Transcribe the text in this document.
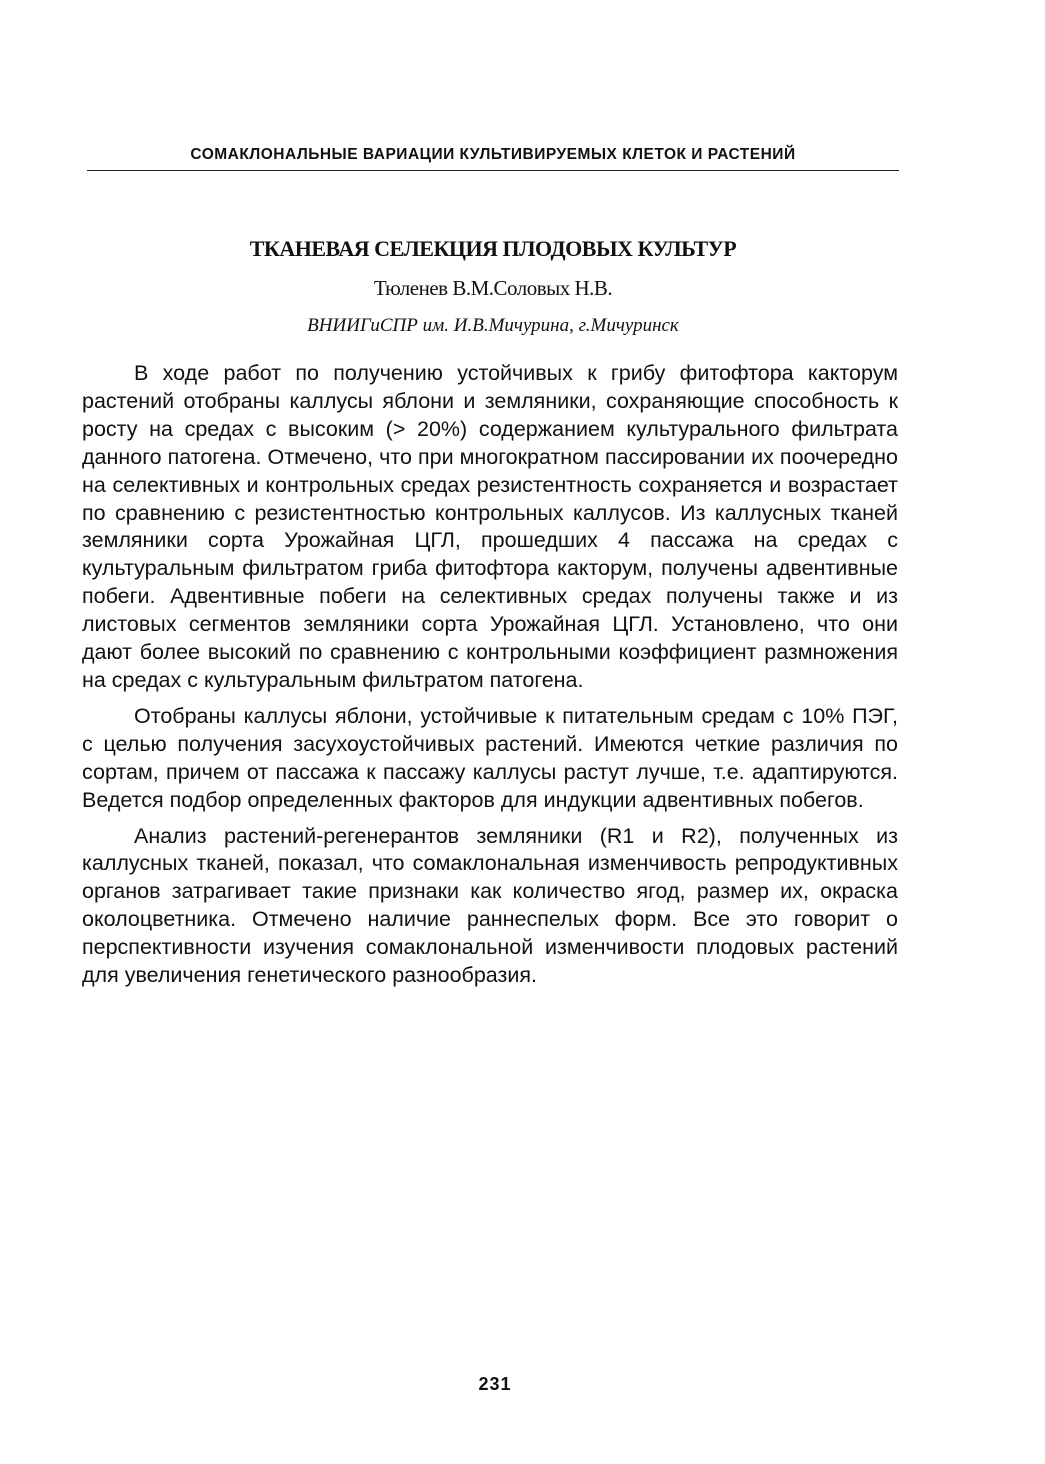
СОМАКЛОНАЛЬНЫЕ ВАРИАЦИИ КУЛЬТИВИРУЕМЫХ КЛЕТОК И РАСТЕНИЙ
ТКАНЕВАЯ СЕЛЕКЦИЯ ПЛОДОВЫХ КУЛЬТУР
Тюленев В.М.Соловых Н.В.
ВНИИГиСПР им. И.В.Мичурина, г.Мичуринск

В ходе работ по получению устойчивых к грибу фитофтора какторум растений отобраны каллусы яблони и земляники, сохраняющие способность к росту на средах с высоким (> 20%) содержанием культурального фильтрата данного патогена. Отмечено, что при многократном пассировании их поочередно на селективных и контрольных средах резистентность сохраняется и возрастает по сравнению с резистентностью контрольных каллусов. Из каллусных тканей земляники сорта Урожайная ЦГЛ, прошедших 4 пассажа на средах с культуральным фильтратом гриба фитофтора какторум, получены адвентивные побеги. Адвентивные побеги на селективных средах получены также и из листовых сегментов земляники сорта Урожайная ЦГЛ. Установлено, что они дают более высокий по сравнению с контрольными коэффициент размножения на средах с культуральным фильтратом патогена.

Отобраны каллусы яблони, устойчивые к питательным средам с 10% ПЭГ, с целью получения засухоустойчивых растений. Имеются четкие различия по сортам, причем от пассажа к пассажу каллусы растут лучше, т.е. адаптируются. Ведется подбор определенных факторов для индукции адвентивных побегов.

Анализ растений-регенерантов земляники (R1 и R2), полученных из каллусных тканей, показал, что сомаклональная изменчивость репродуктивных органов затрагивает такие признаки как количество ягод, размер их, окраска околоцветника. Отмечено наличие раннеспелых форм. Все это говорит о перспективности изучения сомаклональной изменчивости плодовых растений для увеличения генетического разнообразия.

231
